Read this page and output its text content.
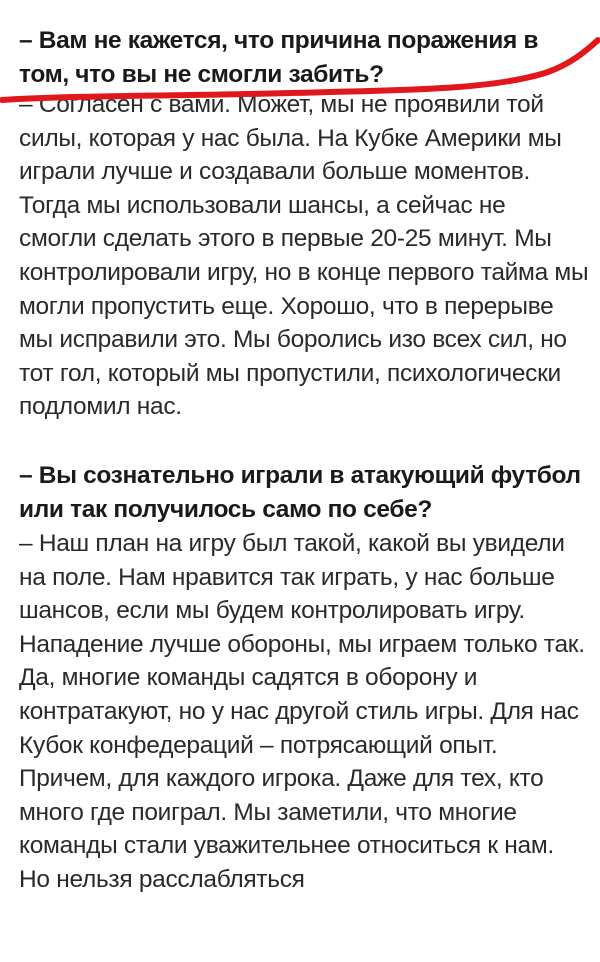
– Вам не кажется, что причина поражения в том, что вы не смогли забить?

– Согласен с вами. Может, мы не проявили той силы, которая у нас была. На Кубке Америки мы играли лучше и создавали больше моментов. Тогда мы использовали шансы, а сейчас не смогли сделать этого в первые 20-25 минут. Мы контролировали игру, но в конце первого тайма мы могли пропустить еще. Хорошо, что в перерыве мы исправили это. Мы боролись изо всех сил, но тот гол, который мы пропустили, психологически подломил нас.

– Вы сознательно играли в атакующий футбол или так получилось само по себе?

– Наш план на игру был такой, какой вы увидели на поле. Нам нравится так играть, у нас больше шансов, если мы будем контролировать игру. Нападение лучше обороны, мы играем только так. Да, многие команды садятся в оборону и контратакуют, но у нас другой стиль игры. Для нас Кубок конфедераций – потрясающий опыт. Причем, для каждого игрока. Даже для тех, кто много где поиграл. Мы заметили, что многие команды стали уважительнее относиться к нам. Но нельзя расслабляться
